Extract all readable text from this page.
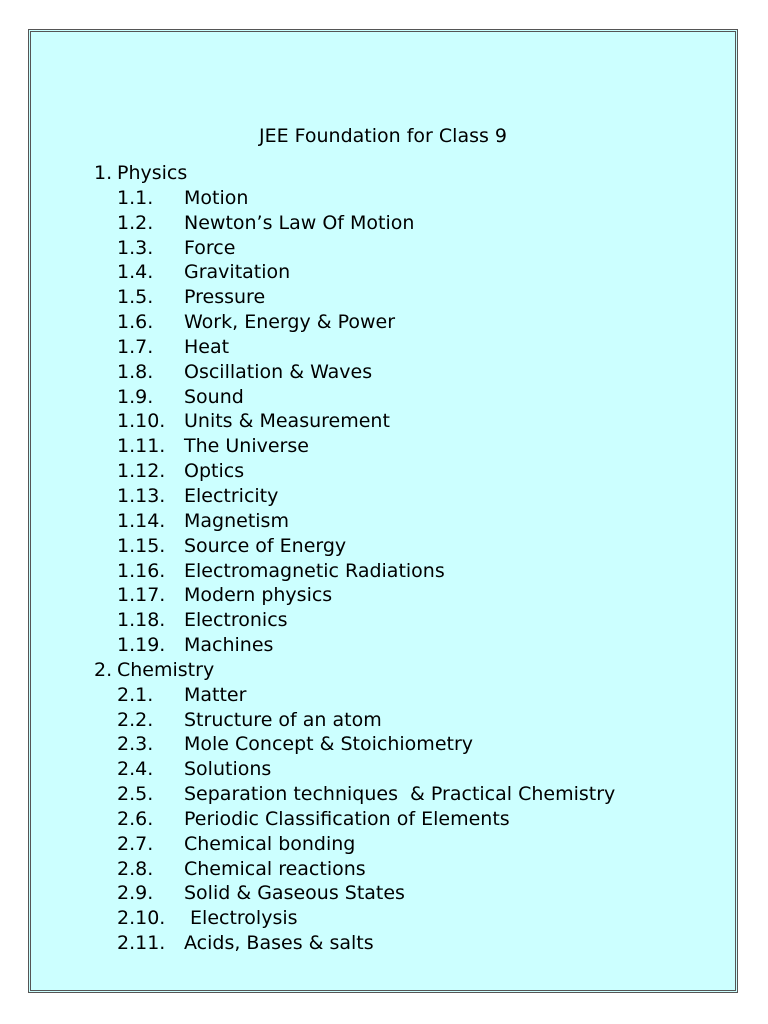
JEE Foundation for Class 9
1. Physics
1.1. Motion
1.2. Newton’s Law Of Motion
1.3. Force
1.4. Gravitation
1.5. Pressure
1.6. Work, Energy & Power
1.7. Heat
1.8. Oscillation & Waves
1.9. Sound
1.10. Units & Measurement
1.11. The Universe
1.12. Optics
1.13. Electricity
1.14. Magnetism
1.15. Source of Energy
1.16. Electromagnetic Radiations
1.17. Modern physics
1.18. Electronics
1.19. Machines
2. Chemistry
2.1. Matter
2.2. Structure of an atom
2.3. Mole Concept & Stoichiometry
2.4. Solutions
2.5. Separation techniques  & Practical Chemistry
2.6. Periodic Classification of Elements
2.7. Chemical bonding
2.8. Chemical reactions
2.9. Solid & Gaseous States
2.10. Electrolysis
2.11. Acids, Bases & salts
